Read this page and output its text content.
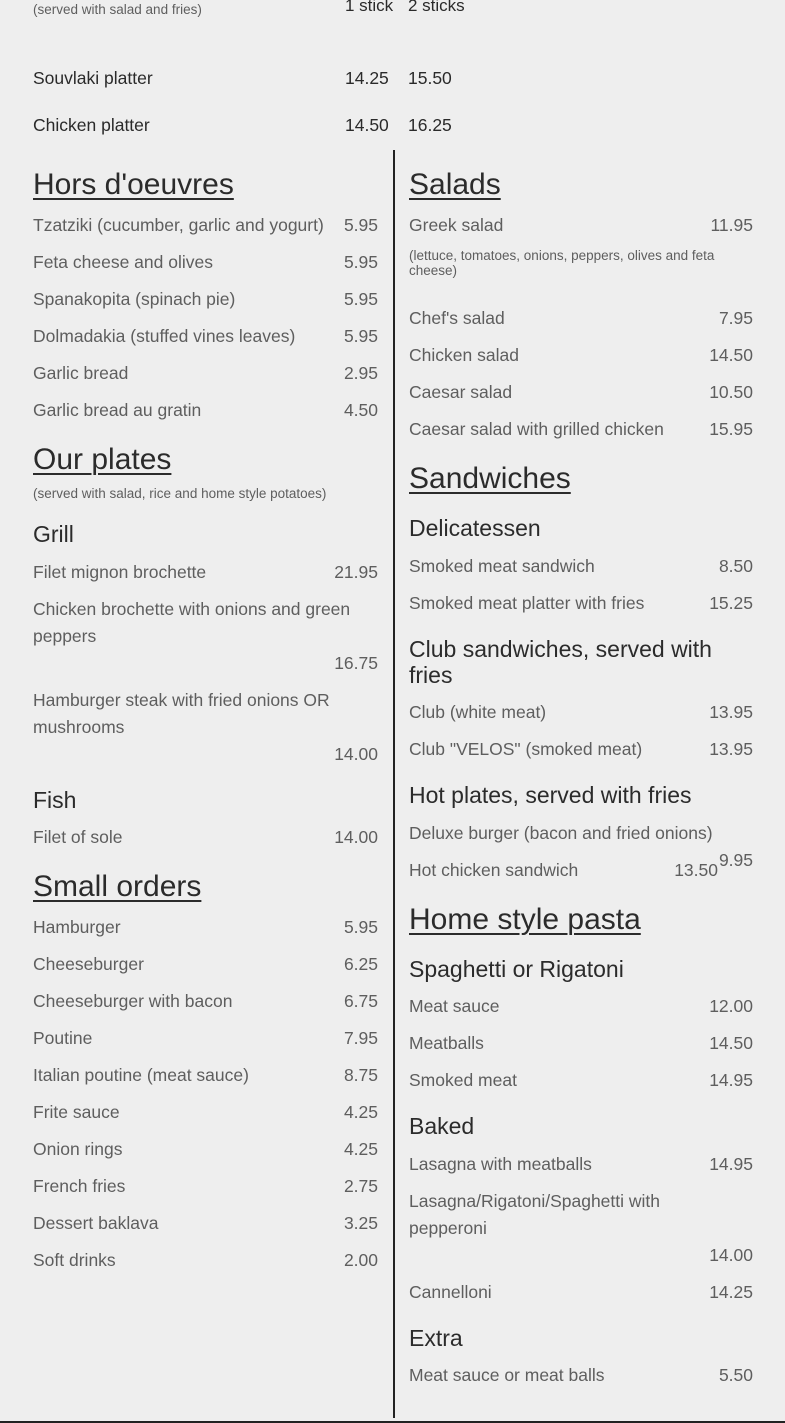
(served with salad and fries)	1 stick 2 sticks
Souvlaki platter	14.25 15.50
Chicken platter	14.50 16.25
Hors d'oeuvres
Tzatziki (cucumber, garlic and yogurt)	5.95
Feta cheese and olives	5.95
Spanakopita (spinach pie)	5.95
Dolmadakia (stuffed vines leaves)	5.95
Garlic bread	2.95
Garlic bread au gratin	4.50
Our plates
(served with salad, rice and home style potatoes)
Grill
Filet mignon brochette	21.95
Chicken brochette with onions and green peppers
16.75
Hamburger steak with fried onions OR mushrooms
14.00
Fish
Filet of sole	14.00
Small orders
Hamburger	5.95
Cheeseburger	6.25
Cheeseburger with bacon	6.75
Poutine	7.95
Italian poutine (meat sauce)	8.75
Frite sauce	4.25
Onion rings	4.25
French fries	2.75
Dessert baklava	3.25
Soft drinks	2.00
Salads
Greek salad	11.95
(lettuce, tomatoes, onions, peppers, olives and feta cheese)
Chef's salad	7.95
Chicken salad	14.50
Caesar salad	10.50
Caesar salad with grilled chicken	15.95
Sandwiches
Delicatessen
Smoked meat sandwich	8.50
Smoked meat platter with fries	15.25
Club sandwiches, served with fries
Club (white meat)	13.95
Club "VELOS" (smoked meat)	13.95
Hot plates, served with fries
Deluxe burger (bacon and fried onions)
9.95
Hot chicken sandwich	13.50
Home style pasta
Spaghetti or Rigatoni
Meat sauce	12.00
Meatballs	14.50
Smoked meat	14.95
Baked
Lasagna with meatballs	14.95
Lasagna/Rigatoni/Spaghetti with pepperoni
14.00
Cannelloni	14.25
Extra
Meat sauce or meat balls	5.50
